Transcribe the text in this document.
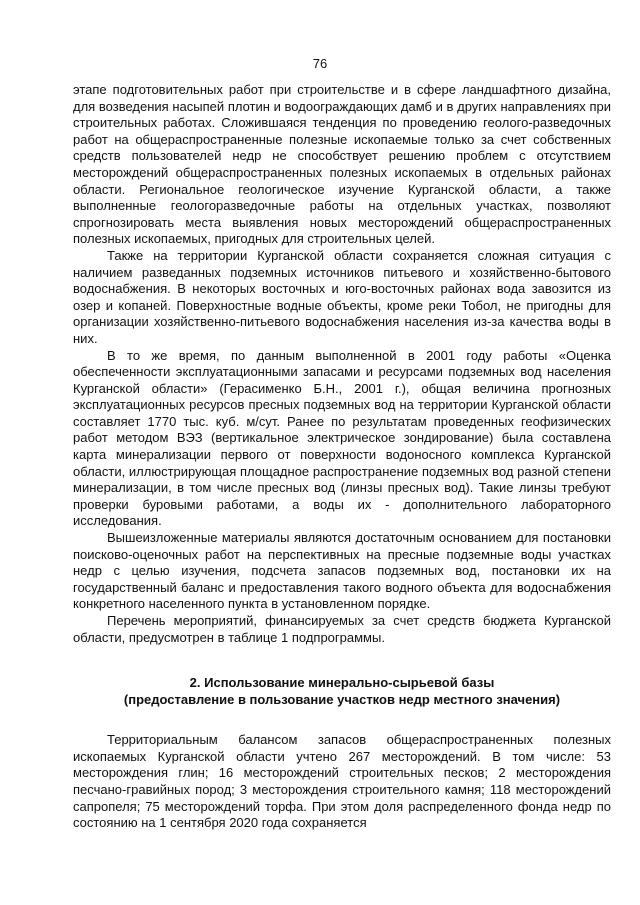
76

этапе подготовительных работ при строительстве и в сфере ландшафтного дизайна, для возведения насыпей плотин и водоограждающих дамб и в других направлениях при строительных работах. Сложившаяся тенденция по проведению геолого-разведочных работ на общераспространенные полезные ископаемые только за счет собственных средств пользователей недр не способствует решению проблем с отсутствием месторождений общераспространенных полезных ископаемых в отдельных районах области. Региональное геологическое изучение Курганской области, а также выполненные геологоразведочные работы на отдельных участках, позволяют спрогнозировать места выявления новых месторождений общераспространенных полезных ископаемых, пригодных для строительных целей.

Также на территории Курганской области сохраняется сложная ситуация с наличием разведанных подземных источников питьевого и хозяйственно-бытового водоснабжения. В некоторых восточных и юго-восточных районах вода завозится из озер и копаней. Поверхностные водные объекты, кроме реки Тобол, не пригодны для организации хозяйственно-питьевого водоснабжения населения из-за качества воды в них.

В то же время, по данным выполненной в 2001 году работы «Оценка обеспеченности эксплуатационными запасами и ресурсами подземных вод населения Курганской области» (Герасименко Б.Н., 2001 г.), общая величина прогнозных эксплуатационных ресурсов пресных подземных вод на территории Курганской области составляет 1770 тыс. куб. м/сут. Ранее по результатам проведенных геофизических работ методом ВЭЗ (вертикальное электрическое зондирование) была составлена карта минерализации первого от поверхности водоносного комплекса Курганской области, иллюстрирующая площадное распространение подземных вод разной степени минерализации, в том числе пресных вод (линзы пресных вод). Такие линзы требуют проверки буровыми работами, а воды их - дополнительного лабораторного исследования.

Вышеизложенные материалы являются достаточным основанием для постановки поисково-оценочных работ на перспективных на пресные подземные воды участках недр с целью изучения, подсчета запасов подземных вод, постановки их на государственный баланс и предоставления такого водного объекта для водоснабжения конкретного населенного пункта в установленном порядке.

Перечень мероприятий, финансируемых за счет средств бюджета Курганской области, предусмотрен в таблице 1 подпрограммы.

2. Использование минерально-сырьевой базы
(предоставление в пользование участков недр местного значения)

Территориальным балансом запасов общераспространенных полезных ископаемых Курганской области учтено 267 месторождений. В том числе: 53 месторождения глин; 16 месторождений строительных песков; 2 месторождения песчано-гравийных пород; 3 месторождения строительного камня; 118 месторождений сапропеля; 75 месторождений торфа. При этом доля распределенного фонда недр по состоянию на 1 сентября 2020 года сохраняется
